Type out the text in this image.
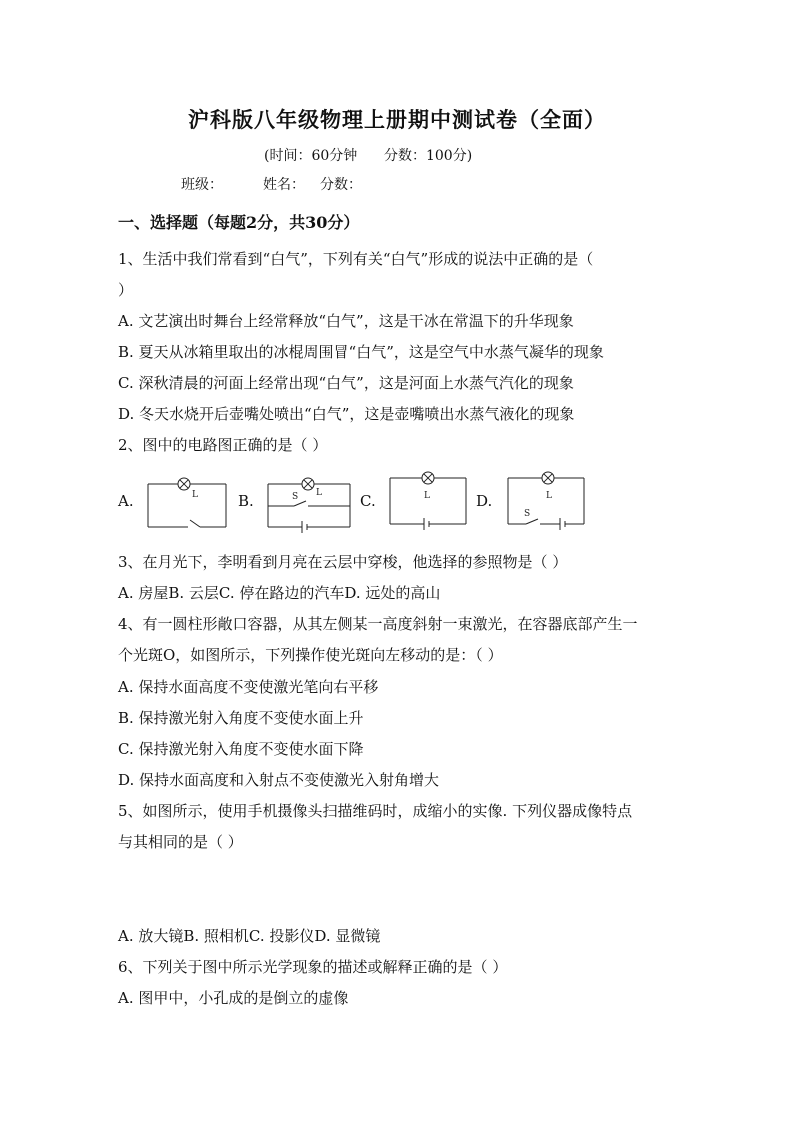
沪科版八年级物理上册期中测试卷（全面）
(时间：60分钟      分数：100分)
班级：	姓名： 分数：
一、选择题（每题2分，共30分）
1、生活中我们常看到“白气”，下列有关“白气”形成的说法中正确的是（
）
A. 文艺演出时舞台上经常释放“白气”，这是干冰在常温下的升华现象
B. 夏天从冰箱里取出的冰棍周围冒“白气”，这是空气中水蒸气凝华的现象
C. 深秋清晨的河面上经常出现“白气”，这是河面上水蒸气汽化的现象
D. 冬天水烧开后壶嘴处喷出“白气”，这是壶嘴喷出水蒸气液化的现象
2、图中的电路图正确的是（ ）
A.	L	B.	S L	C.	L	D.
S
L
3、在月光下，李明看到月亮在云层中穿梭，他选择的参照物是（ ）
A. 房屋B. 云层C. 停在路边的汽车D. 远处的高山
4、有一圆柱形敞口容器，从其左侧某一高度斜射一束激光，在容器底部产生一
个光斑O，如图所示，下列操作使光斑向左移动的是：（ ）
A. 保持水面高度不变使激光笔向右平移
B. 保持激光射入角度不变使水面上升
C. 保持激光射入角度不变使水面下降
D. 保持水面高度和入射点不变使激光入射角增大
5、如图所示，使用手机摄像头扫描维码时，成缩小的实像. 下列仪器成像特点
与其相同的是（ ）
A. 放大镜B. 照相机C. 投影仪D. 显微镜
6、下列关于图中所示光学现象的描述或解释正确的是（ ）
A. 图甲中，小孔成的是倒立的虚像
